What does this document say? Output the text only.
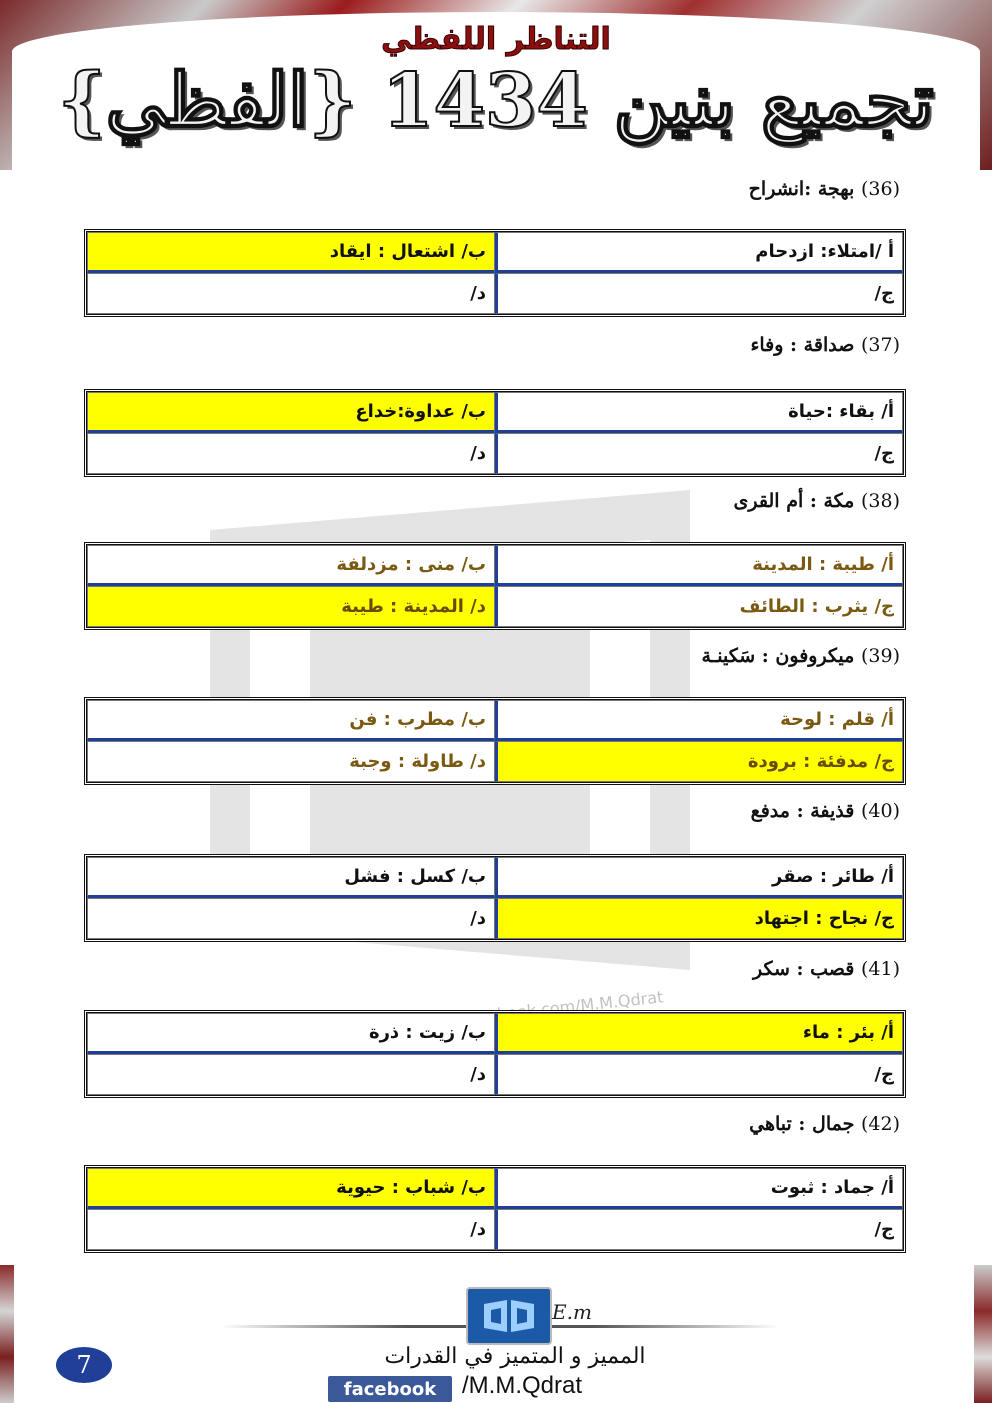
التناظر اللفظي
تجميع بنين 1434 {الفظي}
(36) بهجة :انشراح
أ /امتلاء: ازدحام
ب/ اشتعال : ايقاد
ج/
د/
(37) صداقة : وفاء
أ/ بقاء :حياة
ب/ عداوة:خداع
ج/
د/
(38) مكة : أم القرى
أ/ طيبة : المدينة
ب/ منى : مزدلفة
ج/ يثرب : الطائف
د/ المدينة : طيبة
(39) ميكروفون : سَكينـة
أ/ قلم : لوحة
ب/ مطرب : فن
ج/ مدفئة : برودة
د/ طاولة : وجبة
(40) قذيفة : مدفع
أ/ طائر : صقر
ب/ كسل : فشل
ج/ نجاح : اجتهاد
د/
(41) قصب : سكر
أ/ بئر : ماء
ب/ زيت : ذرة
ج/
د/
(42) جمال : تباهي
أ/ جماد : ثبوت
ب/ شباب : حيوية
ج/
د/
E.m
المميز و المتميز في القدرات
facebook	/M.M.Qdrat
7
